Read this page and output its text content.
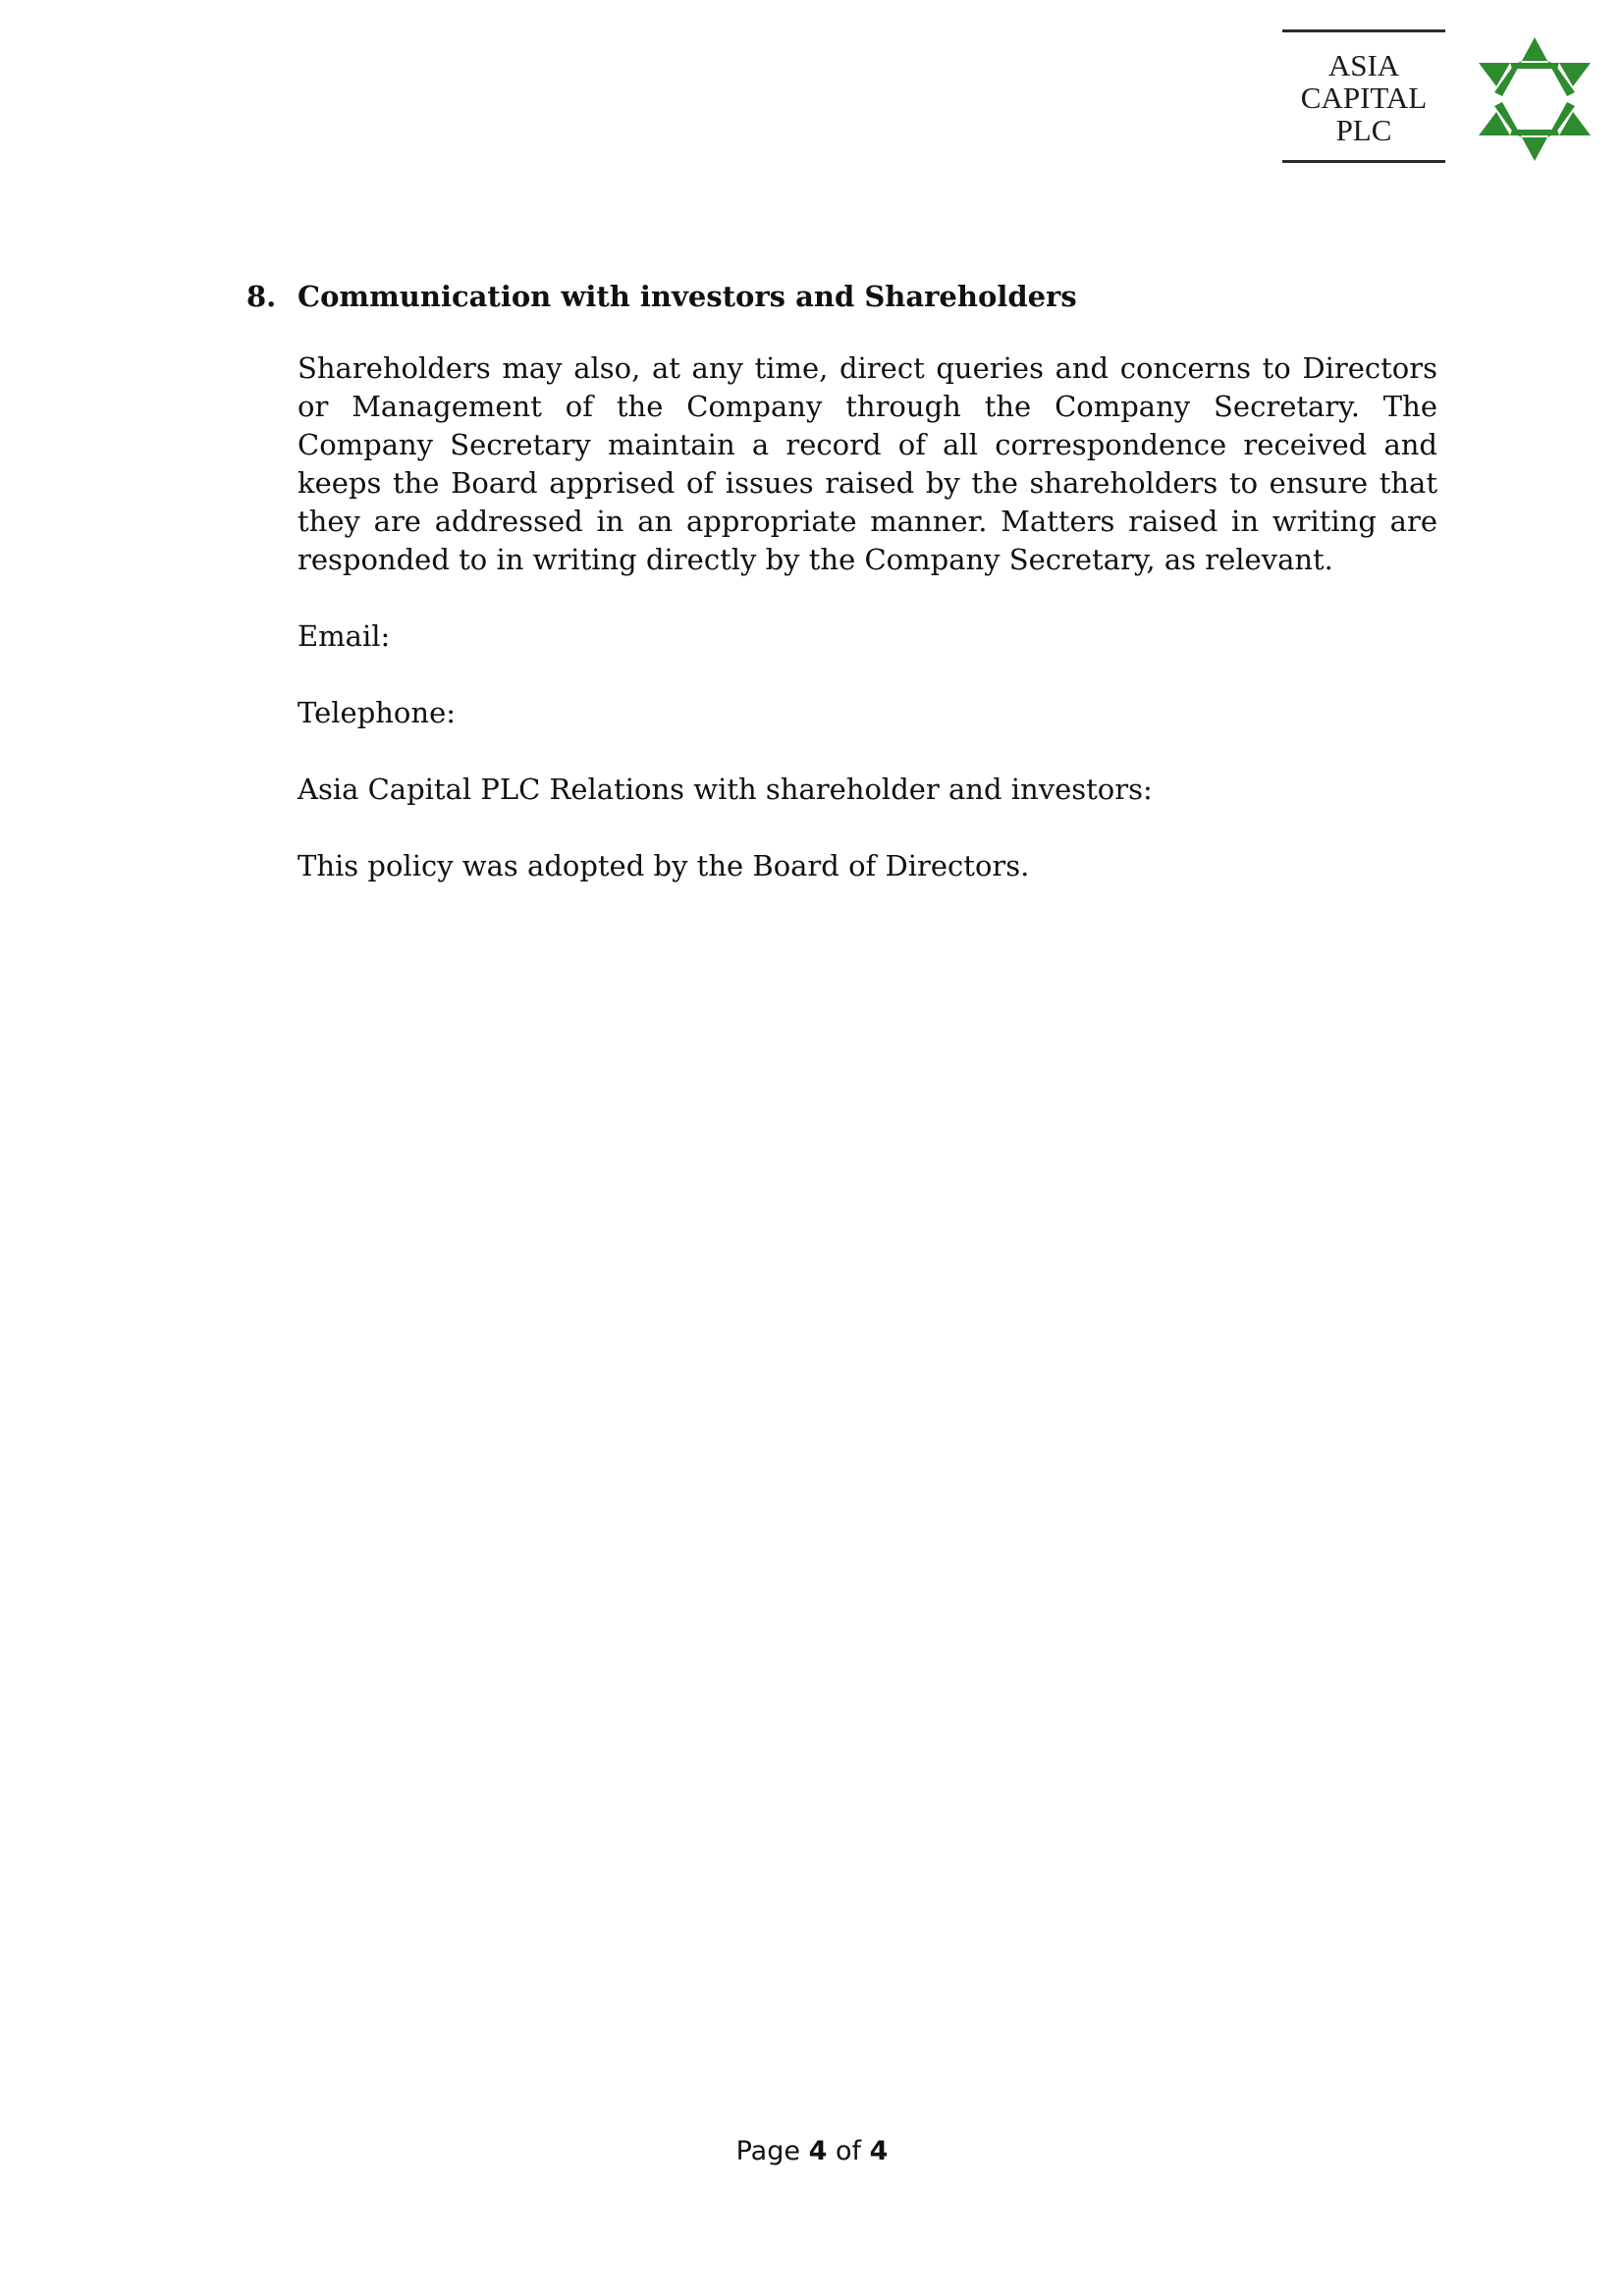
ASIA
CAPITAL
PLC
8. Communication with investors and Shareholders

Shareholders may also, at any time, direct queries and concerns to Directors or Management of the Company through the Company Secretary. The Company Secretary maintain a record of all correspondence received and keeps the Board apprised of issues raised by the shareholders to ensure that they are addressed in an appropriate manner. Matters raised in writing are responded to in writing directly by the Company Secretary, as relevant.

Email:

Telephone:

Asia Capital PLC Relations with shareholder and investors:

This policy was adopted by the Board of Directors.

Page 4 of 4
